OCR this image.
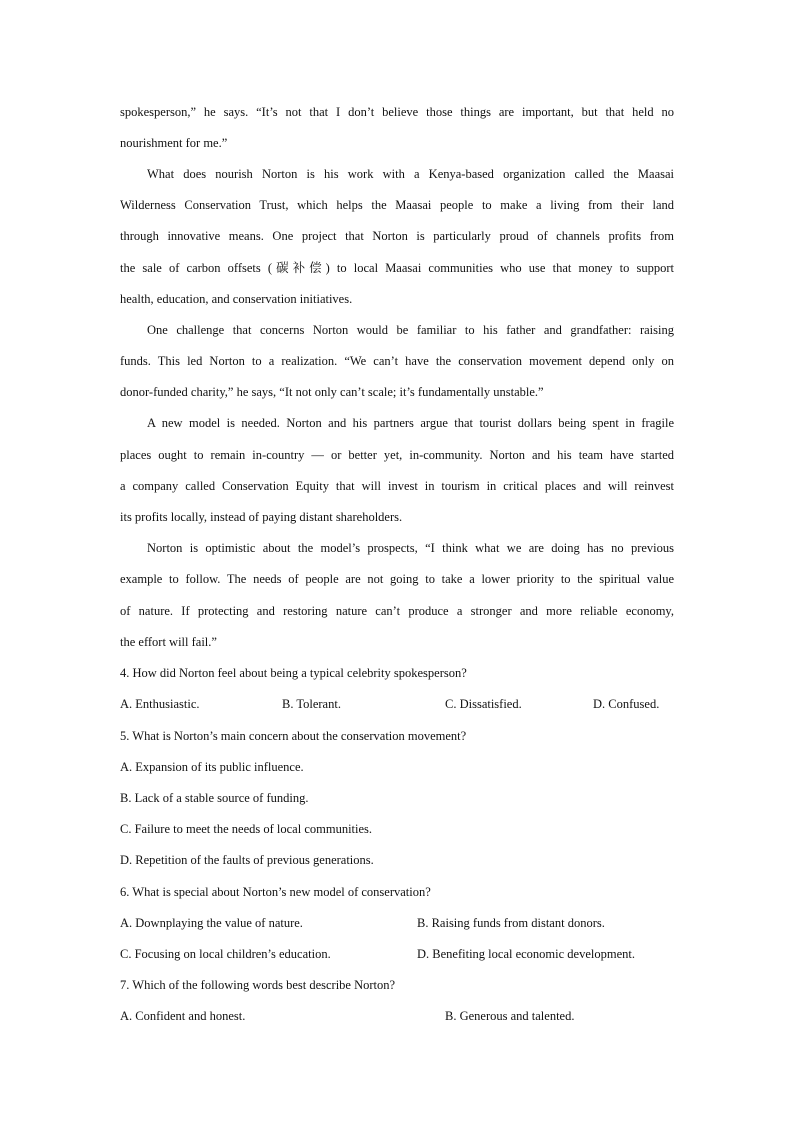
spokesperson,” he says. “It’s not that I don’t believe those things are important, but that held no
nourishment for me.”
What does nourish Norton is his work with a Kenya-based organization called the Maasai
Wilderness Conservation Trust, which helps the Maasai people to make a living from their land
through innovative means. One project that Norton is particularly proud of channels profits from
the sale of carbon offsets (碳补偿) to local Maasai communities who use that money to support
health, education, and conservation initiatives.
One challenge that concerns Norton would be familiar to his father and grandfather: raising
funds. This led Norton to a realization. “We can’t have the conservation movement depend only on
donor-funded charity,” he says, “It not only can’t scale; it’s fundamentally unstable.”
A new model is needed. Norton and his partners argue that tourist dollars being spent in fragile
places ought to remain in-country — or better yet, in-community. Norton and his team have started
a company called Conservation Equity that will invest in tourism in critical places and will reinvest
its profits locally, instead of paying distant shareholders.
Norton is optimistic about the model’s prospects, “I think what we are doing has no previous
example to follow. The needs of people are not going to take a lower priority to the spiritual value
of nature. If protecting and restoring nature can’t produce a stronger and more reliable economy,
the effort will fail.”
4. How did Norton feel about being a typical celebrity spokesperson?
A. Enthusiastic.	B. Tolerant.	C. Dissatisfied.	D. Confused.
5. What is Norton’s main concern about the conservation movement?
A. Expansion of its public influence.
B. Lack of a stable source of funding.
C. Failure to meet the needs of local communities.
D. Repetition of the faults of previous generations.
6. What is special about Norton’s new model of conservation?
A. Downplaying the value of nature.	B. Raising funds from distant donors.
C. Focusing on local children’s education.	D. Benefiting local economic development.
7. Which of the following words best describe Norton?
A. Confident and honest.	B. Generous and talented.
